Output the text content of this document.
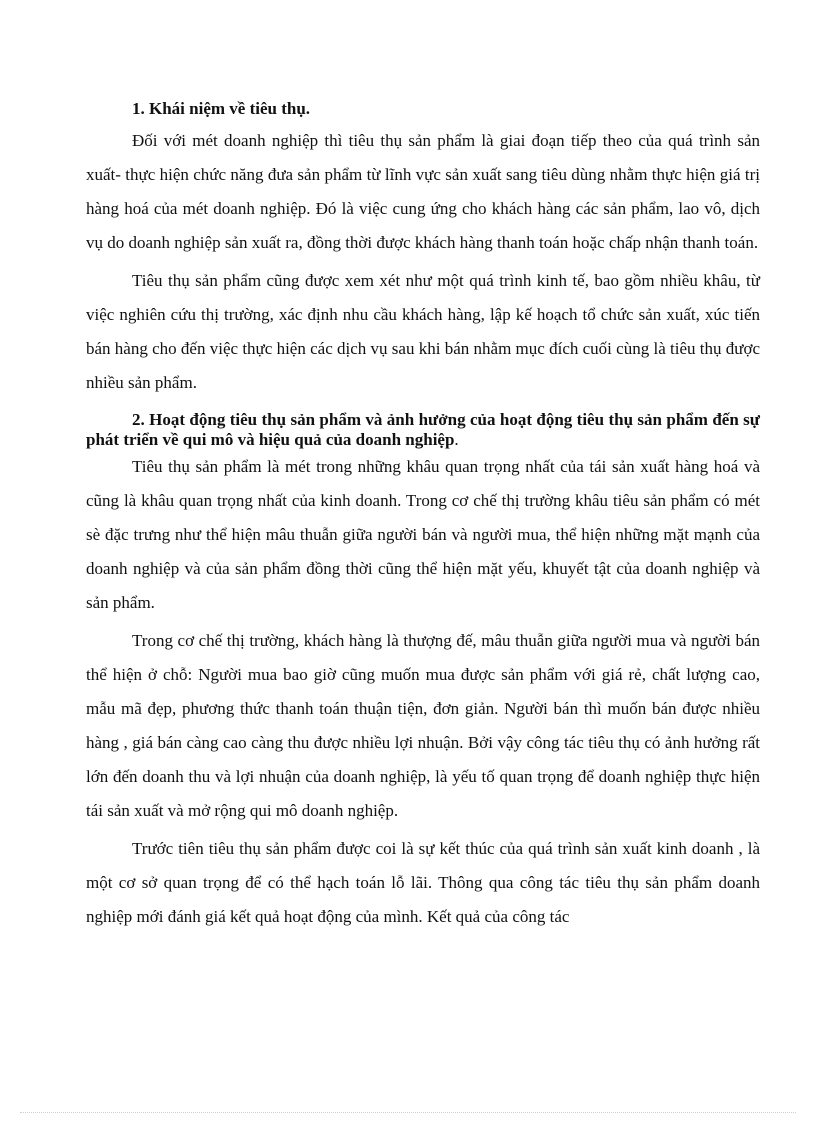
1. Khái niệm về tiêu thụ.

Đối với mét doanh nghiệp thì tiêu thụ sản phẩm là giai đoạn tiếp theo của quá trình sản xuất- thực hiện chức năng đưa sản phẩm từ lĩnh vực sản xuất sang tiêu dùng nhằm thực hiện giá trị hàng hoá của mét doanh nghiệp. Đó là việc cung ứng cho khách hàng các sản phẩm, lao vô, dịch vụ do doanh nghiệp sản xuất ra, đồng thời được khách hàng thanh toán hoặc chấp nhận thanh toán.

Tiêu thụ sản phẩm cũng được xem xét như một quá trình kinh tế, bao gồm nhiều khâu, từ việc nghiên cứu thị trường, xác định nhu cầu khách hàng, lập kế hoạch tổ chức sản xuất, xúc tiến bán hàng cho đến việc thực hiện các dịch vụ sau khi bán nhằm mục đích cuối cùng là tiêu thụ được nhiều sản phẩm.

2. Hoạt động tiêu thụ sản phẩm và ảnh hưởng của hoạt động tiêu thụ sản phẩm đến sự phát triển về qui mô và hiệu quả của doanh nghiệp.

Tiêu thụ sản phẩm là mét trong những khâu quan trọng nhất của tái sản xuất hàng hoá và cũng là khâu quan trọng nhất của kinh doanh. Trong cơ chế thị trường khâu tiêu sản phẩm có mét sè đặc trưng như thể hiện mâu thuẫn giữa người bán và người mua, thể hiện những mặt mạnh của doanh nghiệp và của sản phẩm đồng thời cũng thể hiện mặt yếu, khuyết tật của doanh nghiệp và sản phẩm.

Trong cơ chế thị trường, khách hàng là thượng đế, mâu thuẫn giữa người mua và người bán thể hiện ở chỗ: Người mua bao giờ cũng muốn mua được sản phẩm với giá rẻ, chất lượng cao, mẫu mã đẹp, phương thức thanh toán thuận tiện, đơn giản. Người bán thì muốn bán được nhiều hàng , giá bán càng cao càng thu được nhiều lợi nhuận. Bởi vậy công tác tiêu thụ có ảnh hưởng rất lớn đến doanh thu và lợi nhuận của doanh nghiệp, là yếu tố quan trọng để doanh nghiệp thực hiện tái sản xuất và mở rộng qui mô doanh nghiệp.

Trước tiên tiêu thụ sản phẩm được coi là sự kết thúc của quá trình sản xuất kinh doanh , là một cơ sở quan trọng để có thể hạch toán lỗ lãi. Thông qua công tác tiêu thụ sản phẩm doanh nghiệp mới đánh giá kết quả hoạt động của mình. Kết quả của công tác
